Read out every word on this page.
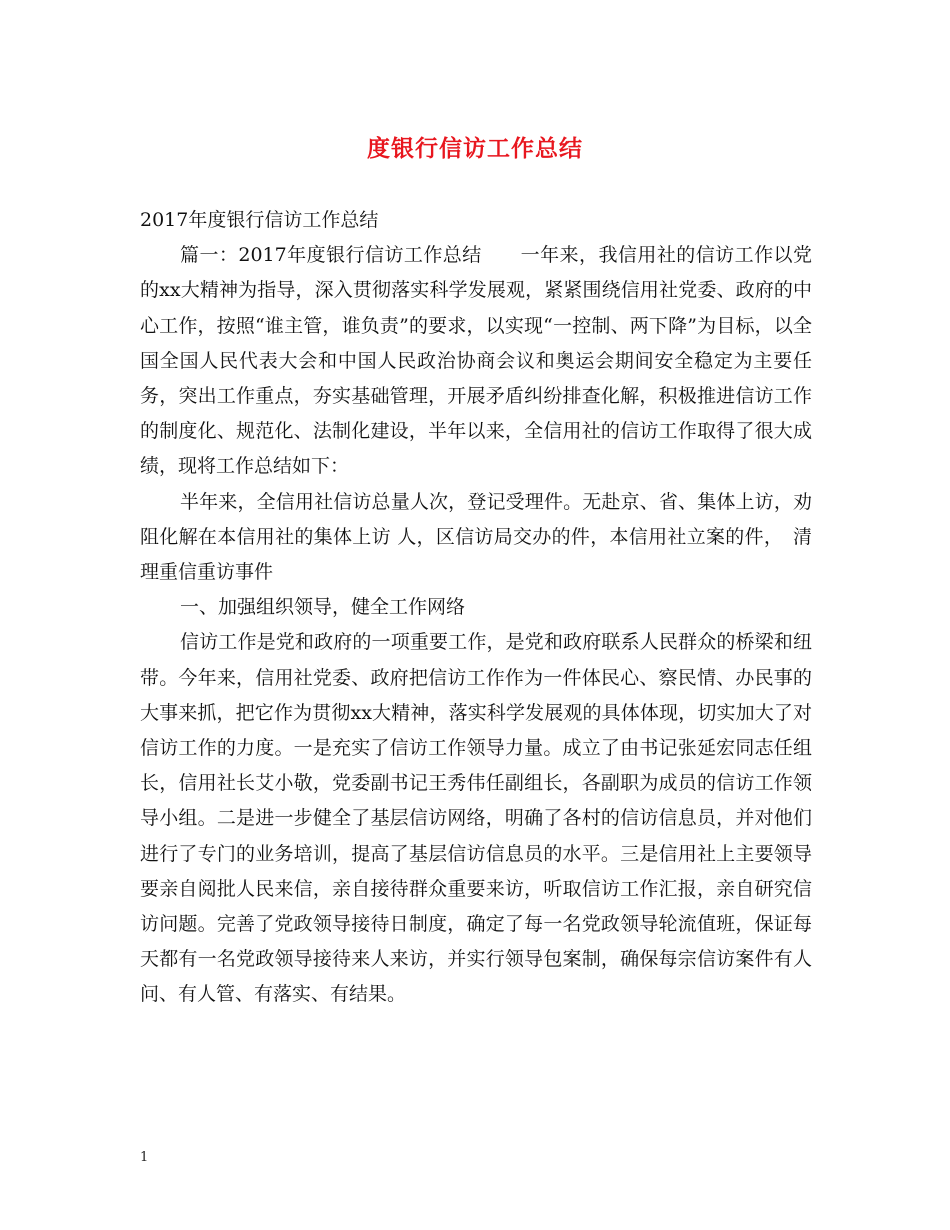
度银行信访工作总结

2017年度银行信访工作总结

篇一：2017年度银行信访工作总结　　一年来，我信用社的信访工作以党的xx大精神为指导，深入贯彻落实科学发展观，紧紧围绕信用社党委、政府的中心工作，按照“谁主管，谁负责”的要求，以实现“一控制、两下降”为目标，以全国全国人民代表大会和中国人民政治协商会议和奥运会期间安全稳定为主要任务，突出工作重点，夯实基础管理，开展矛盾纠纷排查化解，积极推进信访工作的制度化、规范化、法制化建设，半年以来，全信用社的信访工作取得了很大成绩，现将工作总结如下：

半年来，全信用社信访总量人次，登记受理件。无赴京、省、集体上访，劝阻化解在本信用社的集体上访 人，区信访局交办的件，本信用社立案的件，　清理重信重访事件

一、加强组织领导，健全工作网络

信访工作是党和政府的一项重要工作，是党和政府联系人民群众的桥梁和纽带。今年来，信用社党委、政府把信访工作作为一件体民心、察民情、办民事的大事来抓，把它作为贯彻xx大精神，落实科学发展观的具体体现，切实加大了对信访工作的力度。一是充实了信访工作领导力量。成立了由书记张延宏同志任组长，信用社长艾小敬，党委副书记王秀伟任副组长，各副职为成员的信访工作领导小组。二是进一步健全了基层信访网络，明确了各村的信访信息员，并对他们进行了专门的业务培训，提高了基层信访信息员的水平。三是信用社上主要领导要亲自阅批人民来信，亲自接待群众重要来访，听取信访工作汇报，亲自研究信访问题。完善了党政领导接待日制度，确定了每一名党政领导轮流值班，保证每天都有一名党政领导接待来人来访，并实行领导包案制，确保每宗信访案件有人问、有人管、有落实、有结果。

1
